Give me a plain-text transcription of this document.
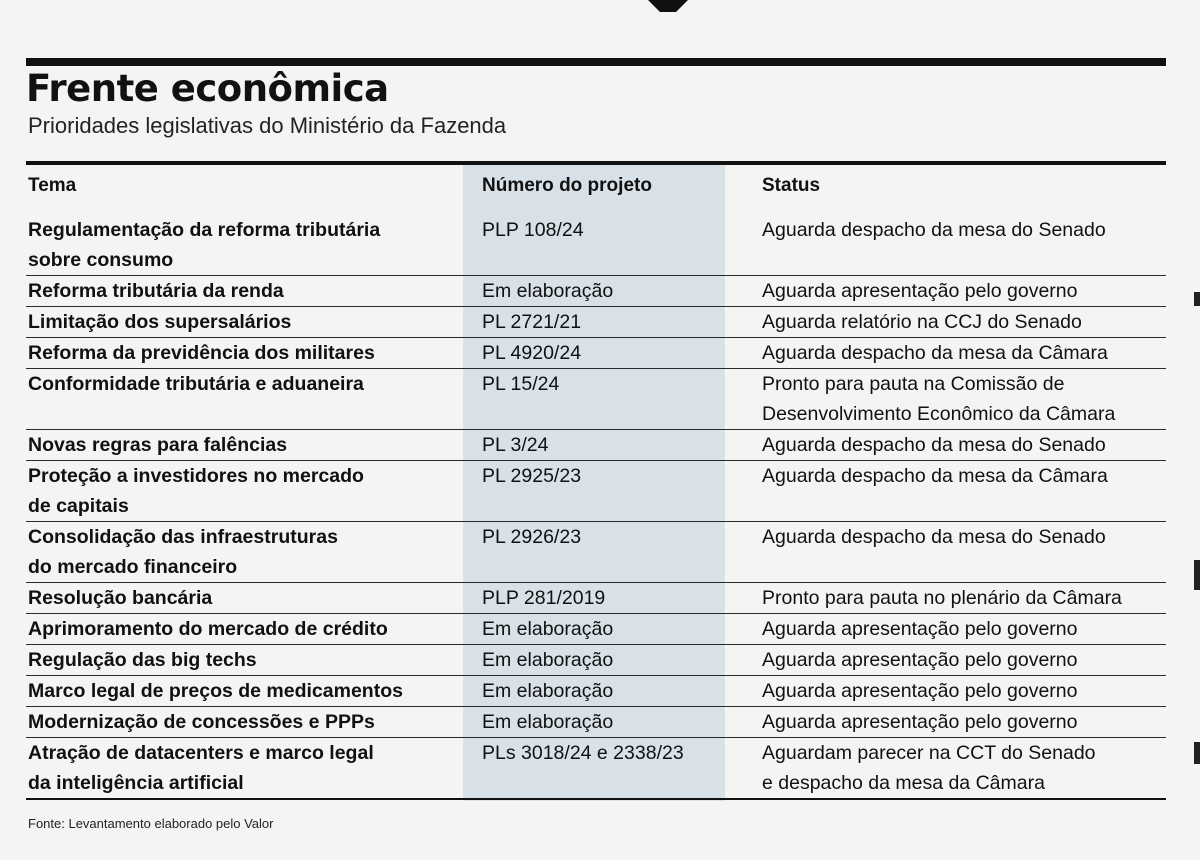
Frente econômica
Prioridades legislativas do Ministério da Fazenda
Tema	Número do projeto	Status
Regulamentação da reforma tributária
sobre consumo
PLP 108/24	Aguarda despacho da mesa do Senado
Reforma tributária da renda	Em elaboração	Aguarda apresentação pelo governo
Limitação dos supersalários	PL 2721/21	Aguarda relatório na CCJ do Senado
Reforma da previdência dos militares	PL 4920/24	Aguarda despacho da mesa da Câmara
Conformidade tributária e aduaneira	PL 15/24	Pronto para pauta na Comissão de
Desenvolvimento Econômico da Câmara
Novas regras para falências	PL 3/24	Aguarda despacho da mesa do Senado
Proteção a investidores no mercado
de capitais
PL 2925/23	Aguarda despacho da mesa da Câmara
Consolidação das infraestruturas
do mercado financeiro
PL 2926/23	Aguarda despacho da mesa do Senado
Resolução bancária	PLP 281/2019	Pronto para pauta no plenário da Câmara
Aprimoramento do mercado de crédito	Em elaboração	Aguarda apresentação pelo governo
Regulação das big techs	Em elaboração	Aguarda apresentação pelo governo
Marco legal de preços de medicamentos	Em elaboração	Aguarda apresentação pelo governo
Modernização de concessões e PPPs	Em elaboração	Aguarda apresentação pelo governo
Atração de datacenters e marco legal
da inteligência artificial
PLs 3018/24 e 2338/23	Aguardam parecer na CCT do Senado
e despacho da mesa da Câmara
Fonte: Levantamento elaborado pelo Valor
